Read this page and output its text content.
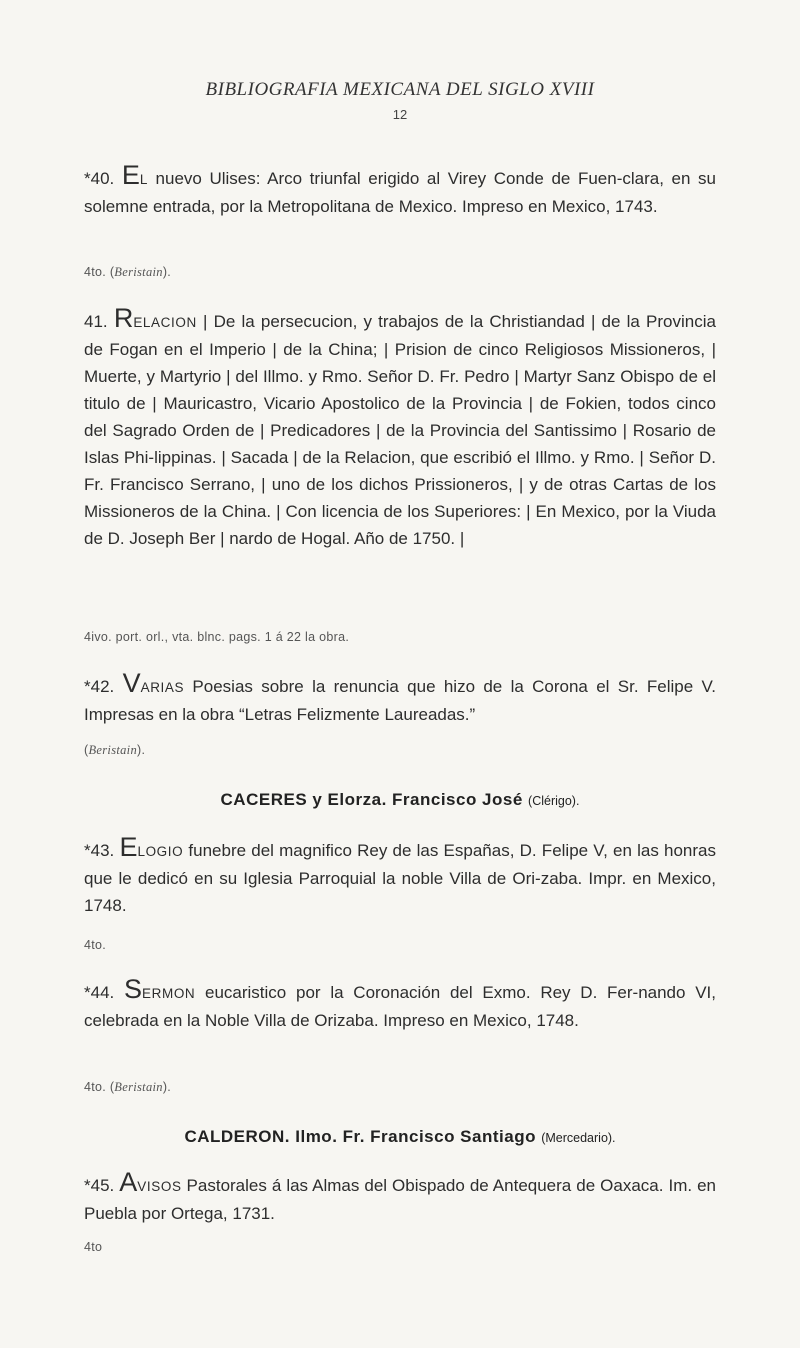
BIBLIOGRAFIA MEXICANA DEL SIGLO XVIII
12

*40. EL nuevo Ulises: Arco triunfal erigido al Virey Conde de Fuen-clara, en su solemne entrada, por la Metropolitana de Mexico. Impreso en Mexico, 1743.

4to. (Beristain).

41. RELACION | De la persecucion, y trabajos de la Christiandad | de la Provincia de Fogan en el Imperio | de la China; | Prision de cinco Religiosos Missioneros, | Muerte, y Martyrio | del Illmo. y Rmo. Señor D. Fr. Pedro | Martyr Sanz Obispo de el titulo de | Mauricastro, Vicario Apostolico de la Provincia | de Fokien, todos cinco del Sagrado Orden de | Predicadores | de la Provincia del Santissimo | Rosario de Islas Phi-lippinas. | Sacada | de la Relacion, que escribió el Illmo. y Rmo. | Señor D. Fr. Francisco Serrano, | uno de los dichos Prissioneros, | y de otras Cartas de los Missioneros de la China. | Con licencia de los Superiores: | En Mexico, por la Viuda de D. Joseph Ber | nardo de Hogal. Año de 1750. |

4ivo. port. orl., vta. blnc. pags. 1 á 22 la obra.

*42. VARIAS Poesias sobre la renuncia que hizo de la Corona el Sr. Felipe V. Impresas en la obra “Letras Felizmente Laureadas.”

(Beristain).
CACERES y Elorza. Francisco José (Clérigo).

*43. ELOGIO funebre del magnifico Rey de las Españas, D. Felipe V, en las honras que le dedicó en su Iglesia Parroquial la noble Villa de Ori-zaba. Impr. en Mexico, 1748.

4to.

*44. SERMON eucaristico por la Coronación del Exmo. Rey D. Fer-nando VI, celebrada en la Noble Villa de Orizaba. Impreso en Mexico, 1748.

4to. (Beristain).
CALDERON. Ilmo. Fr. Francisco Santiago (Mercedario).

*45. AVISOS Pastorales á las Almas del Obispado de Antequera de Oaxaca. Im. en Puebla por Ortega, 1731.

4to
